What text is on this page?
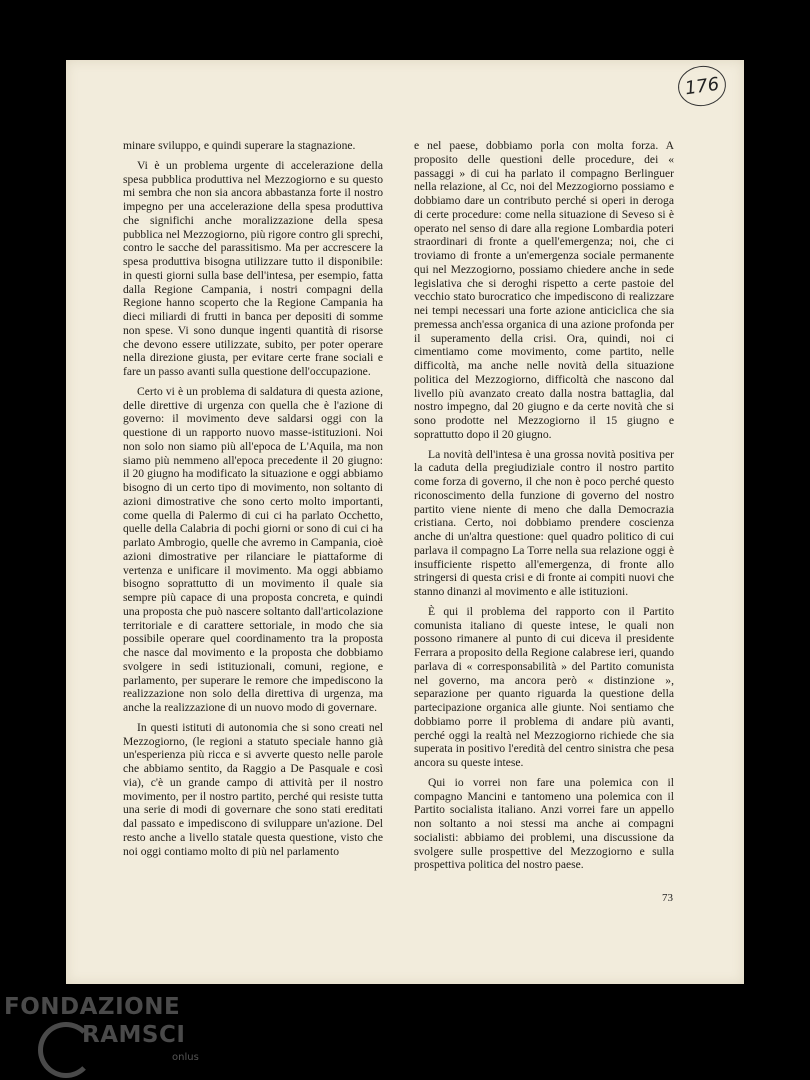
176

minare sviluppo, e quindi superare la stagnazione.

Vi è un problema urgente di accelerazione della spesa pubblica produttiva nel Mezzogiorno e su questo mi sembra che non sia ancora abbastanza forte il nostro impegno per una accelerazione della spesa produttiva che significhi anche moralizzazione della spesa pubblica nel Mezzogiorno, più rigore contro gli sprechi, contro le sacche del parassitismo. Ma per accrescere la spesa produttiva bisogna utilizzare tutto il disponibile: in questi giorni sulla base dell'intesa, per esempio, fatta dalla Regione Campania, i nostri compagni della Regione hanno scoperto che la Regione Campania ha dieci miliardi di frutti in banca per depositi di somme non spese. Vi sono dunque ingenti quantità di risorse che devono essere utilizzate, subito, per poter operare nella direzione giusta, per evitare certe frane sociali e fare un passo avanti sulla questione dell'occupazione.

Certo vi è un problema di saldatura di questa azione, delle direttive di urgenza con quella che è l'azione di governo: il movimento deve saldarsi oggi con la questione di un rapporto nuovo masse-istituzioni. Noi non solo non siamo più all'epoca de L'Aquila, ma non siamo più nemmeno all'epoca precedente il 20 giugno: il 20 giugno ha modificato la situazione e oggi abbiamo bisogno di un certo tipo di movimento, non soltanto di azioni dimostrative che sono certo molto importanti, come quella di Palermo di cui ci ha parlato Occhetto, quelle della Calabria di pochi giorni or sono di cui ci ha parlato Ambrogio, quelle che avremo in Campania, cioè azioni dimostrative per rilanciare le piattaforme di vertenza e unificare il movimento. Ma oggi abbiamo bisogno soprattutto di un movimento il quale sia sempre più capace di una proposta concreta, e quindi una proposta che può nascere soltanto dall'articolazione territoriale e di carattere settoriale, in modo che sia possibile operare quel coordinamento tra la proposta che nasce dal movimento e la proposta che dobbiamo svolgere in sedi istituzionali, comuni, regione, e parlamento, per superare le remore che impediscono la realizzazione non solo della direttiva di urgenza, ma anche la realizzazione di un nuovo modo di governare.

In questi istituti di autonomia che si sono creati nel Mezzogiorno, (le regioni a statuto speciale hanno già un'esperienza più ricca e si avverte questo nelle parole che abbiamo sentito, da Raggio a De Pasquale e così via), c'è un grande campo di attività per il nostro movimento, per il nostro partito, perché qui resiste tutta una serie di modi di governare che sono stati ereditati dal passato e impediscono di sviluppare un'azione. Del resto anche a livello statale questa questione, visto che noi oggi contiamo molto di più nel parlamento

e nel paese, dobbiamo porla con molta forza. A proposito delle questioni delle procedure, dei « passaggi » di cui ha parlato il compagno Berlinguer nella relazione, al Cc, noi del Mezzogiorno possiamo e dobbiamo dare un contributo perché si operi in deroga di certe procedure: come nella situazione di Seveso si è operato nel senso di dare alla regione Lombardia poteri straordinari di fronte a quell'emergenza; noi, che ci troviamo di fronte a un'emergenza sociale permanente qui nel Mezzogiorno, possiamo chiedere anche in sede legislativa che si deroghi rispetto a certe pastoie del vecchio stato burocratico che impediscono di realizzare nei tempi necessari una forte azione anticiclica che sia premessa anch'essa organica di una azione profonda per il superamento della crisi. Ora, quindi, noi ci cimentiamo come movimento, come partito, nelle difficoltà, ma anche nelle novità della situazione politica del Mezzogiorno, difficoltà che nascono dal livello più avanzato creato dalla nostra battaglia, dal nostro impegno, dal 20 giugno e da certe novità che si sono prodotte nel Mezzogiorno il 15 giugno e soprattutto dopo il 20 giugno.

La novità dell'intesa è una grossa novità positiva per la caduta della pregiudiziale contro il nostro partito come forza di governo, il che non è poco perché questo riconoscimento della funzione di governo del nostro partito viene niente di meno che dalla Democrazia cristiana. Certo, noi dobbiamo prendere coscienza anche di un'altra questione: quel quadro politico di cui parlava il compagno La Torre nella sua relazione oggi è insufficiente rispetto all'emergenza, di fronte allo stringersi di questa crisi e di fronte ai compiti nuovi che stanno dinanzi al movimento e alle istituzioni.

È qui il problema del rapporto con il Partito comunista italiano di queste intese, le quali non possono rimanere al punto di cui diceva il presidente Ferrara a proposito della Regione calabrese ieri, quando parlava di « corresponsabilità » del Partito comunista nel governo, ma ancora però « distinzione », separazione per quanto riguarda la questione della partecipazione organica alle giunte. Noi sentiamo che dobbiamo porre il problema di andare più avanti, perché oggi la realtà nel Mezzogiorno richiede che sia superata in positivo l'eredità del centro sinistra che pesa ancora su queste intese.

Qui io vorrei non fare una polemica con il compagno Mancini e tantomeno una polemica con il Partito socialista italiano. Anzi vorrei fare un appello non soltanto a noi stessi ma anche ai compagni socialisti: abbiamo dei problemi, una discussione da svolgere sulle prospettive del Mezzogiorno e sulla prospettiva politica del nostro paese.

73
FONDAZIONE
RAMSCI
onlus
